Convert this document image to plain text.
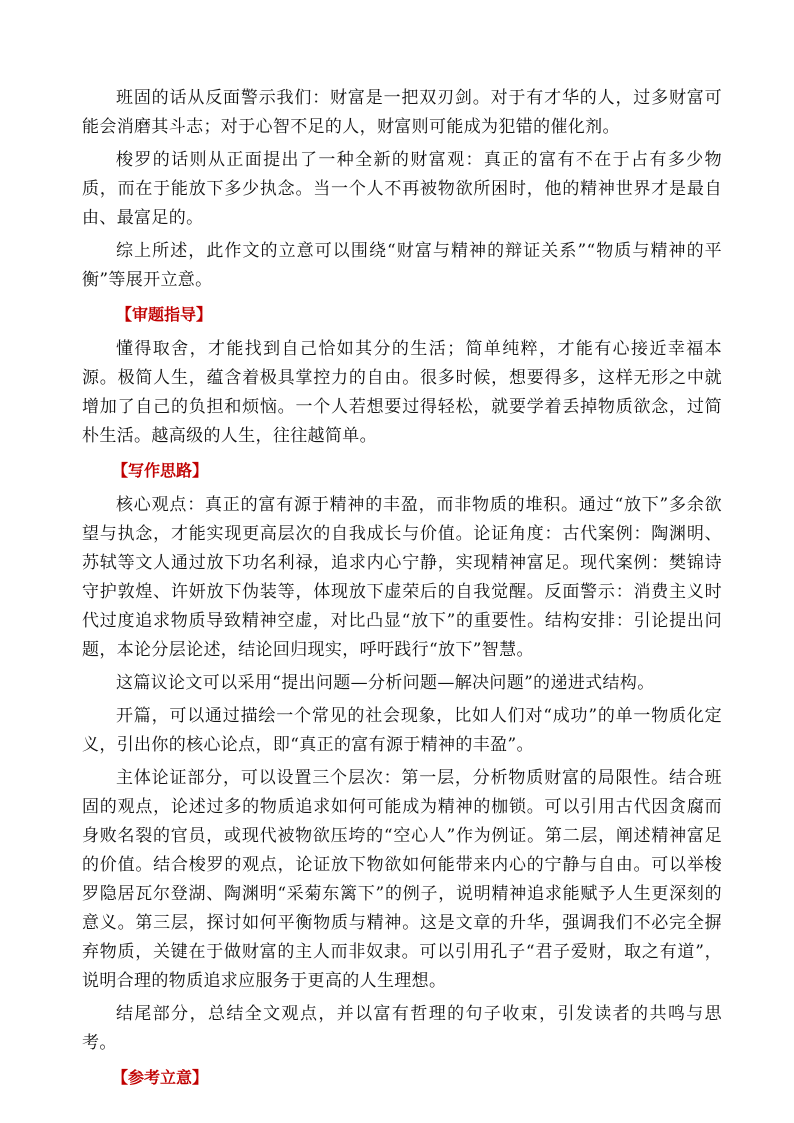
班固的话从反面警示我们：财富是一把双刃剑。对于有才华的人，过多财富可能会消磨其斗志；对于心智不足的人，财富则可能成为犯错的催化剂。

梭罗的话则从正面提出了一种全新的财富观：真正的富有不在于占有多少物质，而在于能放下多少执念。当一个人不再被物欲所困时，他的精神世界才是最自由、最富足的。

综上所述，此作文的立意可以围绕“财富与精神的辩证关系”“物质与精神的平衡”等展开立意。

【审题指导】

懂得取舍，才能找到自己恰如其分的生活；简单纯粹，才能有心接近幸福本源。极简人生，蕴含着极具掌控力的自由。很多时候，想要得多，这样无形之中就增加了自己的负担和烦恼。一个人若想要过得轻松，就要学着丢掉物质欲念，过简朴生活。越高级的人生，往往越简单。

【写作思路】

核心观点：真正的富有源于精神的丰盈，而非物质的堆积。通过“放下”多余欲望与执念，才能实现更高层次的自我成长与价值。论证角度：古代案例：陶渊明、苏轼等文人通过放下功名利禄，追求内心宁静，实现精神富足。现代案例：樊锦诗守护敦煌、许妍放下伪装等，体现放下虚荣后的自我觉醒。反面警示：消费主义时代过度追求物质导致精神空虚，对比凸显“放下”的重要性。结构安排：引论提出问题，本论分层论述，结论回归现实，呼吁践行“放下”智慧。

这篇议论文可以采用“提出问题—分析问题—解决问题”的递进式结构。

开篇，可以通过描绘一个常见的社会现象，比如人们对“成功”的单一物质化定义，引出你的核心论点，即“真正的富有源于精神的丰盈”。

主体论证部分，可以设置三个层次：第一层，分析物质财富的局限性。结合班固的观点，论述过多的物质追求如何可能成为精神的枷锁。可以引用古代因贪腐而身败名裂的官员，或现代被物欲压垮的“空心人”作为例证。第二层，阐述精神富足的价值。结合梭罗的观点，论证放下物欲如何能带来内心的宁静与自由。可以举梭罗隐居瓦尔登湖、陶渊明“采菊东篱下”的例子，说明精神追求能赋予人生更深刻的意义。第三层，探讨如何平衡物质与精神。这是文章的升华，强调我们不必完全摒弃物质，关键在于做财富的主人而非奴隶。可以引用孔子“君子爱财，取之有道”，说明合理的物质追求应服务于更高的人生理想。

结尾部分，总结全文观点，并以富有哲理的句子收束，引发读者的共鸣与思考。

【参考立意】
